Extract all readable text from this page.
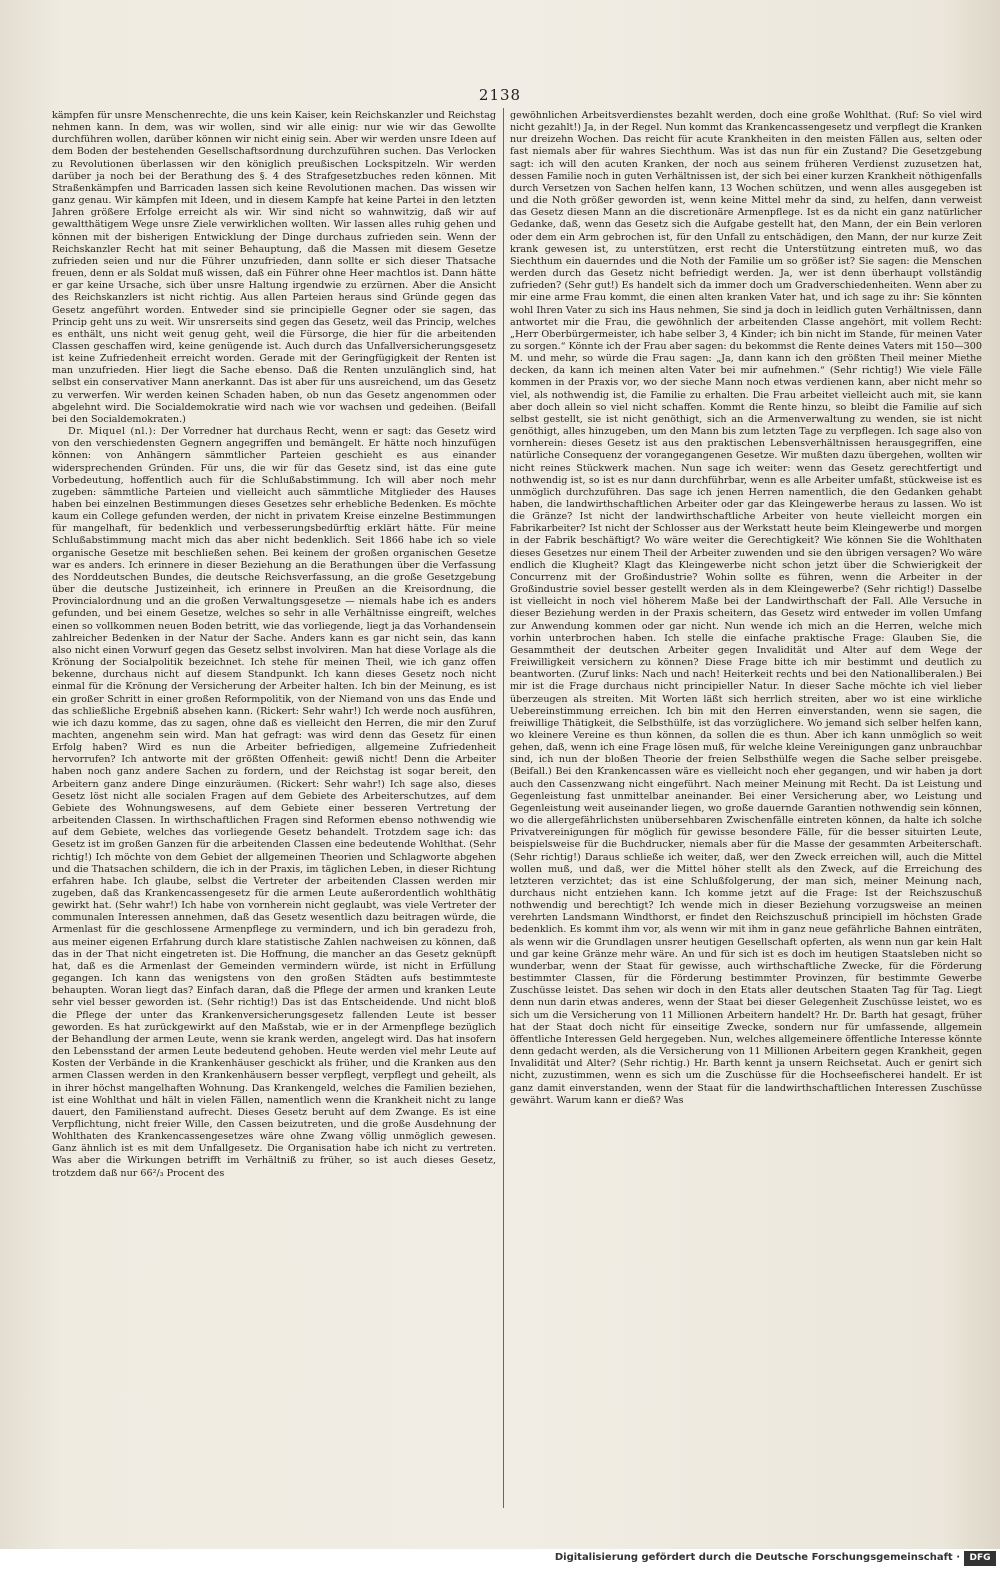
2138

kämpfen für unsre Menschenrechte, die uns kein Kaiser, kein Reichskanzler und Reichstag nehmen kann. In dem, was wir wollen, sind wir alle einig: nur wie wir das Gewollte durchführen wollen, darüber können wir nicht einig sein. Aber wir werden unsre Ideen auf dem Boden der bestehenden Gesellschaftsordnung durchzuführen suchen. Das Verlocken zu Revolutionen überlassen wir den königlich preußischen Lockspitzeln. Wir werden darüber ja noch bei der Berathung des §. 4 des Strafgesetzbuches reden können. Mit Straßenkämpfen und Barricaden lassen sich keine Revolutionen machen. Das wissen wir ganz genau. Wir kämpfen mit Ideen, und in diesem Kampfe hat keine Partei in den letzten Jahren größere Erfolge erreicht als wir. Wir sind nicht so wahnwitzig, daß wir auf gewaltthätigem Wege unsre Ziele verwirklichen wollten. Wir lassen alles ruhig gehen und können mit der bisherigen Entwicklung der Dinge durchaus zufrieden sein. Wenn der Reichskanzler Recht hat mit seiner Behauptung, daß die Massen mit diesem Gesetze zufrieden seien und nur die Führer unzufrieden, dann sollte er sich dieser Thatsache freuen, denn er als Soldat muß wissen, daß ein Führer ohne Heer machtlos ist. Dann hätte er gar keine Ursache, sich über unsre Haltung irgendwie zu erzürnen. Aber die Ansicht des Reichskanzlers ist nicht richtig. Aus allen Parteien heraus sind Gründe gegen das Gesetz angeführt worden. Entweder sind sie principielle Gegner oder sie sagen, das Princip geht uns zu weit. Wir unsrerseits sind gegen das Gesetz, weil das Princip, welches es enthält, uns nicht weit genug geht, weil die Fürsorge, die hier für die arbeitenden Classen geschaffen wird, keine genügende ist. Auch durch das Unfallversicherungsgesetz ist keine Zufriedenheit erreicht worden. Gerade mit der Geringfügigkeit der Renten ist man unzufrieden. Hier liegt die Sache ebenso. Daß die Renten unzulänglich sind, hat selbst ein conservativer Mann anerkannt. Das ist aber für uns ausreichend, um das Gesetz zu verwerfen. Wir werden keinen Schaden haben, ob nun das Gesetz angenommen oder abgelehnt wird. Die Socialdemokratie wird nach wie vor wachsen und gedeihen. (Beifall bei den Socialdemokraten.)

Dr. Miquel (nl.): Der Vorredner hat durchaus Recht, wenn er sagt: das Gesetz wird von den verschiedensten Gegnern angegriffen und bemängelt. Er hätte noch hinzufügen können: von Anhängern sämmtlicher Parteien geschieht es aus einander widersprechenden Gründen. Für uns, die wir für das Gesetz sind, ist das eine gute Vorbedeutung, hoffentlich auch für die Schlußabstimmung. Ich will aber noch mehr zugeben: sämmtliche Parteien und vielleicht auch sämmtliche Mitglieder des Hauses haben bei einzelnen Bestimmungen dieses Gesetzes sehr erhebliche Bedenken. Es möchte kaum ein College gefunden werden, der nicht in privatem Kreise einzelne Bestimmungen für mangelhaft, für bedenklich und verbesserungsbedürftig erklärt hätte. Für meine Schlußabstimmung macht mich das aber nicht bedenklich. Seit 1866 habe ich so viele organische Gesetze mit beschließen sehen. Bei keinem der großen organischen Gesetze war es anders. Ich erinnere in dieser Beziehung an die Berathungen über die Verfassung des Norddeutschen Bundes, die deutsche Reichsverfassung, an die große Gesetzgebung über die deutsche Justizeinheit, ich erinnere in Preußen an die Kreisordnung, die Provincialordnung und an die großen Verwaltungsgesetze — niemals habe ich es anders gefunden, und bei einem Gesetze, welches so sehr in alle Verhältnisse eingreift, welches einen so vollkommen neuen Boden betritt, wie das vorliegende, liegt ja das Vorhandensein zahlreicher Bedenken in der Natur der Sache. Anders kann es gar nicht sein, das kann also nicht einen Vorwurf gegen das Gesetz selbst involviren. Man hat diese Vorlage als die Krönung der Socialpolitik bezeichnet. Ich stehe für meinen Theil, wie ich ganz offen bekenne, durchaus nicht auf diesem Standpunkt. Ich kann dieses Gesetz noch nicht einmal für die Krönung der Versicherung der Arbeiter halten. Ich bin der Meinung, es ist ein großer Schritt in einer großen Reformpolitik, von der Niemand von uns das Ende und das schließliche Ergebniß absehen kann. (Rickert: Sehr wahr!) Ich werde noch ausführen, wie ich dazu komme, das zu sagen, ohne daß es vielleicht den Herren, die mir den Zuruf machten, angenehm sein wird. Man hat gefragt: was wird denn das Gesetz für einen Erfolg haben? Wird es nun die Arbeiter befriedigen, allgemeine Zufriedenheit hervorrufen? Ich antworte mit der größten Offenheit: gewiß nicht! Denn die Arbeiter haben noch ganz andere Sachen zu fordern, und der Reichstag ist sogar bereit, den Arbeitern ganz andere Dinge einzuräumen. (Rickert: Sehr wahr!) Ich sage also, dieses Gesetz löst nicht alle socialen Fragen auf dem Gebiete des Arbeiterschutzes, auf dem Gebiete des Wohnungswesens, auf dem Gebiete einer besseren Vertretung der arbeitenden Classen. In wirthschaftlichen Fragen sind Reformen ebenso nothwendig wie auf dem Gebiete, welches das vorliegende Gesetz behandelt. Trotzdem sage ich: das Gesetz ist im großen Ganzen für die arbeitenden Classen eine bedeutende Wohlthat. (Sehr richtig!) Ich möchte von dem Gebiet der allgemeinen Theorien und Schlagworte abgehen und die Thatsachen schildern, die ich in der Praxis, im täglichen Leben, in dieser Richtung erfahren habe. Ich glaube, selbst die Vertreter der arbeitenden Classen werden mir zugeben, daß das Krankencassengesetz für die armen Leute außerordentlich wohlthätig gewirkt hat. (Sehr wahr!) Ich habe von vornherein nicht geglaubt, was viele Vertreter der communalen Interessen annehmen, daß das Gesetz wesentlich dazu beitragen würde, die Armenlast für die geschlossene Armenpflege zu vermindern, und ich bin geradezu froh, aus meiner eigenen Erfahrung durch klare statistische Zahlen nachweisen zu können, daß das in der That nicht eingetreten ist. Die Hoffnung, die mancher an das Gesetz geknüpft hat, daß es die Armenlast der Gemeinden vermindern würde, ist nicht in Erfüllung gegangen. Ich kann das wenigstens von den großen Städten aufs bestimmteste behaupten. Woran liegt das? Einfach daran, daß die Pflege der armen und kranken Leute sehr viel besser geworden ist. (Sehr richtig!) Das ist das Entscheidende. Und nicht bloß die Pflege der unter das Krankenversicherungsgesetz fallenden Leute ist besser geworden. Es hat zurückgewirkt auf den Maßstab, wie er in der Armenpflege bezüglich der Behandlung der armen Leute, wenn sie krank werden, angelegt wird. Das hat insofern den Lebensstand der armen Leute bedeutend gehoben. Heute werden viel mehr Leute auf Kosten der Verbände in die Krankenhäuser geschickt als früher, und die Kranken aus den armen Classen werden in den Krankenhäusern besser verpflegt, verpflegt und geheilt, als in ihrer höchst mangelhaften Wohnung. Das Krankengeld, welches die Familien beziehen, ist eine Wohlthat und hält in vielen Fällen, namentlich wenn die Krankheit nicht zu lange dauert, den Familienstand aufrecht. Dieses Gesetz beruht auf dem Zwange. Es ist eine Verpflichtung, nicht freier Wille, den Cassen beizutreten, und die große Ausdehnung der Wohlthaten des Krankencassengesetzes wäre ohne Zwang völlig unmöglich gewesen. Ganz ähnlich ist es mit dem Unfallgesetz. Die Organisation habe ich nicht zu vertreten. Was aber die Wirkungen betrifft im Verhältniß zu früher, so ist auch dieses Gesetz, trotzdem daß nur 66²/₃ Procent des

gewöhnlichen Arbeitsverdienstes bezahlt werden, doch eine große Wohlthat. (Ruf: So viel wird nicht gezahlt!) Ja, in der Regel. Nun kommt das Krankencassengesetz und verpflegt die Kranken nur dreizehn Wochen. Das reicht für acute Krankheiten in den meisten Fällen aus, selten oder fast niemals aber für wahres Siechthum. Was ist das nun für ein Zustand? Die Gesetzgebung sagt: ich will den acuten Kranken, der noch aus seinem früheren Verdienst zuzusetzen hat, dessen Familie noch in guten Verhältnissen ist, der sich bei einer kurzen Krankheit nöthigenfalls durch Versetzen von Sachen helfen kann, 13 Wochen schützen, und wenn alles ausgegeben ist und die Noth größer geworden ist, wenn keine Mittel mehr da sind, zu helfen, dann verweist das Gesetz diesen Mann an die discretionäre Armenpflege. Ist es da nicht ein ganz natürlicher Gedanke, daß, wenn das Gesetz sich die Aufgabe gestellt hat, den Mann, der ein Bein verloren oder dem ein Arm gebrochen ist, für den Unfall zu entschädigen, den Mann, der nur kurze Zeit krank gewesen ist, zu unterstützen, erst recht die Unterstützung eintreten muß, wo das Siechthum ein dauerndes und die Noth der Familie um so größer ist? Sie sagen: die Menschen werden durch das Gesetz nicht befriedigt werden. Ja, wer ist denn überhaupt vollständig zufrieden? (Sehr gut!) Es handelt sich da immer doch um Gradverschiedenheiten. Wenn aber zu mir eine arme Frau kommt, die einen alten kranken Vater hat, und ich sage zu ihr: Sie könnten wohl Ihren Vater zu sich ins Haus nehmen, Sie sind ja doch in leidlich guten Verhältnissen, dann antwortet mir die Frau, die gewöhnlich der arbeitenden Classe angehört, mit vollem Recht: „Herr Oberbürgermeister, ich habe selber 3, 4 Kinder; ich bin nicht im Stande, für meinen Vater zu sorgen.“ Könnte ich der Frau aber sagen: du bekommst die Rente deines Vaters mit 150—300 M. und mehr, so würde die Frau sagen: „Ja, dann kann ich den größten Theil meiner Miethe decken, da kann ich meinen alten Vater bei mir aufnehmen.“ (Sehr richtig!) Wie viele Fälle kommen in der Praxis vor, wo der sieche Mann noch etwas verdienen kann, aber nicht mehr so viel, als nothwendig ist, die Familie zu erhalten. Die Frau arbeitet vielleicht auch mit, sie kann aber doch allein so viel nicht schaffen. Kommt die Rente hinzu, so bleibt die Familie auf sich selbst gestellt, sie ist nicht genöthigt, sich an die Armenverwaltung zu wenden, sie ist nicht genöthigt, alles hinzugeben, um den Mann bis zum letzten Tage zu verpflegen. Ich sage also von vornherein: dieses Gesetz ist aus den praktischen Lebensverhältnissen herausgegriffen, eine natürliche Consequenz der vorangegangenen Gesetze. Wir mußten dazu übergehen, wollten wir nicht reines Stückwerk machen. Nun sage ich weiter: wenn das Gesetz gerechtfertigt und nothwendig ist, so ist es nur dann durchführbar, wenn es alle Arbeiter umfaßt, stückweise ist es unmöglich durchzuführen. Das sage ich jenen Herren namentlich, die den Gedanken gehabt haben, die landwirthschaftlichen Arbeiter oder gar das Kleingewerbe heraus zu lassen. Wo ist die Gränze? Ist nicht der landwirthschaftliche Arbeiter von heute vielleicht morgen ein Fabrikarbeiter? Ist nicht der Schlosser aus der Werkstatt heute beim Kleingewerbe und morgen in der Fabrik beschäftigt? Wo wäre weiter die Gerechtigkeit? Wie können Sie die Wohlthaten dieses Gesetzes nur einem Theil der Arbeiter zuwenden und sie den übrigen versagen? Wo wäre endlich die Klugheit? Klagt das Kleingewerbe nicht schon jetzt über die Schwierigkeit der Concurrenz mit der Großindustrie? Wohin sollte es führen, wenn die Arbeiter in der Großindustrie soviel besser gestellt werden als in dem Kleingewerbe? (Sehr richtig!) Dasselbe ist vielleicht in noch viel höherem Maße bei der Landwirthschaft der Fall. Alle Versuche in dieser Beziehung werden in der Praxis scheitern, das Gesetz wird entweder im vollen Umfang zur Anwendung kommen oder gar nicht. Nun wende ich mich an die Herren, welche mich vorhin unterbrochen haben. Ich stelle die einfache praktische Frage: Glauben Sie, die Gesammtheit der deutschen Arbeiter gegen Invalidität und Alter auf dem Wege der Freiwilligkeit versichern zu können? Diese Frage bitte ich mir bestimmt und deutlich zu beantworten. (Zuruf links: Nach und nach! Heiterkeit rechts und bei den Nationalliberalen.) Bei mir ist die Frage durchaus nicht principieller Natur. In dieser Sache möchte ich viel lieber überzeugen als streiten. Mit Worten läßt sich herrlich streiten, aber wo ist eine wirkliche Uebereinstimmung erreichen. Ich bin mit den Herren einverstanden, wenn sie sagen, die freiwillige Thätigkeit, die Selbsthülfe, ist das vorzüglichere. Wo jemand sich selber helfen kann, wo kleinere Vereine es thun können, da sollen die es thun. Aber ich kann unmöglich so weit gehen, daß, wenn ich eine Frage lösen muß, für welche kleine Vereinigungen ganz unbrauchbar sind, ich nun der bloßen Theorie der freien Selbsthülfe wegen die Sache selber preisgebe. (Beifall.) Bei den Krankencassen wäre es vielleicht noch eher gegangen, und wir haben ja dort auch den Cassenzwang nicht eingeführt. Nach meiner Meinung mit Recht. Da ist Leistung und Gegenleistung fast unmittelbar aneinander. Bei einer Versicherung aber, wo Leistung und Gegenleistung weit auseinander liegen, wo große dauernde Garantien nothwendig sein können, wo die allergefährlichsten unübersehbaren Zwischenfälle eintreten können, da halte ich solche Privatvereinigungen für möglich für gewisse besondere Fälle, für die besser situirten Leute, beispielsweise für die Buchdrucker, niemals aber für die Masse der gesammten Arbeiterschaft. (Sehr richtig!) Daraus schließe ich weiter, daß, wer den Zweck erreichen will, auch die Mittel wollen muß, und daß, wer die Mittel höher stellt als den Zweck, auf die Erreichung des letzteren verzichtet; das ist eine Schlußfolgerung, der man sich, meiner Meinung nach, durchaus nicht entziehen kann. Ich komme jetzt auf die Frage: Ist der Reichszuschuß nothwendig und berechtigt? Ich wende mich in dieser Beziehung vorzugsweise an meinen verehrten Landsmann Windthorst, er findet den Reichszuschuß principiell im höchsten Grade bedenklich. Es kommt ihm vor, als wenn wir mit ihm in ganz neue gefährliche Bahnen einträten, als wenn wir die Grundlagen unsrer heutigen Gesellschaft opferten, als wenn nun gar kein Halt und gar keine Gränze mehr wäre. An und für sich ist es doch im heutigen Staatsleben nicht so wunderbar, wenn der Staat für gewisse, auch wirthschaftliche Zwecke, für die Förderung bestimmter Classen, für die Förderung bestimmter Provinzen, für bestimmte Gewerbe Zuschüsse leistet. Das sehen wir doch in den Etats aller deutschen Staaten Tag für Tag. Liegt denn nun darin etwas anderes, wenn der Staat bei dieser Gelegenheit Zuschüsse leistet, wo es sich um die Versicherung von 11 Millionen Arbeitern handelt? Hr. Dr. Barth hat gesagt, früher hat der Staat doch nicht für einseitige Zwecke, sondern nur für umfassende, allgemein öffentliche Interessen Geld hergegeben. Nun, welches allgemeinere öffentliche Interesse könnte denn gedacht werden, als die Versicherung von 11 Millionen Arbeitern gegen Krankheit, gegen Invalidität und Alter? (Sehr richtig.) Hr. Barth kennt ja unsern Reichsetat. Auch er genirt sich nicht, zuzustimmen, wenn es sich um die Zuschüsse für die Hochseefischerei handelt. Er ist ganz damit einverstanden, wenn der Staat für die landwirthschaftlichen Interessen Zuschüsse gewährt. Warum kann er dieß? Was

Digitalisierung gefördert durch die Deutsche Forschungsgemeinschaft ·	DFG
